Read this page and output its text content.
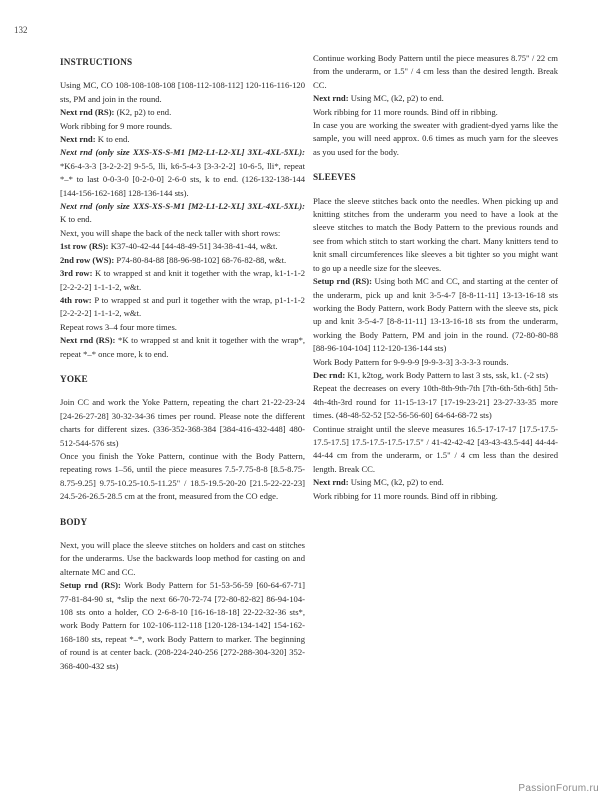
132
INSTRUCTIONS

Using MC, CO 108-108-108-108 [108-112-108-112] 120-116-116-120 sts, PM and join in the round.

Next rnd (RS): (K2, p2) to end.

Work ribbing for 9 more rounds.

Next rnd: K to end.

Next rnd (only size XXS-XS-S-M1 [M2-L1-L2-XL] 3XL-4XL-5XL): *K6-4-3-3 [3-2-2-2] 9-5-5, lli, k6-5-4-3 [3-3-2-2] 10-6-5, lli*, repeat *–* to last 0-0-3-0 [0-2-0-0] 2-6-0 sts, k to end. (126-132-138-144 [144-156-162-168] 128-136-144 sts).

Next rnd (only size XXS-XS-S-M1 [M2-L1-L2-XL] 3XL-4XL-5XL): K to end.

Next, you will shape the back of the neck taller with short rows:

1st row (RS): K37-40-42-44 [44-48-49-51] 34-38-41-44, w&t.

2nd row (WS): P74-80-84-88 [88-96-98-102] 68-76-82-88, w&t.

3rd row: K to wrapped st and knit it together with the wrap, k1-1-1-2 [2-2-2-2] 1-1-1-2, w&t.

4th row: P to wrapped st and purl it together with the wrap, p1-1-1-2 [2-2-2-2] 1-1-1-2, w&t.

Repeat rows 3–4 four more times.

Next rnd (RS): *K to wrapped st and knit it together with the wrap*, repeat *–* once more, k to end.

YOKE

Join CC and work the Yoke Pattern, repeating the chart 21-22-23-24 [24-26-27-28] 30-32-34-36 times per round. Please note the different charts for different sizes. (336-352-368-384 [384-416-432-448] 480-512-544-576 sts)

Once you finish the Yoke Pattern, continue with the Body Pattern, repeating rows 1–56, until the piece measures 7.5-7.75-8-8 [8.5-8.75-8.75-9.25] 9.75-10.25-10.5-11.25" / 18.5-19.5-20-20 [21.5-22-22-23] 24.5-26-26.5-28.5 cm at the front, measured from the CO edge.

BODY

Next, you will place the sleeve stitches on holders and cast on stitches for the underarms. Use the backwards loop method for casting on and alternate MC and CC.

Setup rnd (RS): Work Body Pattern for 51-53-56-59 [60-64-67-71] 77-81-84-90 st, *slip the next 66-70-72-74 [72-80-82-82] 86-94-104-108 sts onto a holder, CO 2-6-8-10 [16-16-18-18] 22-22-32-36 sts*, work Body Pattern for 102-106-112-118 [120-128-134-142] 154-162-168-180 sts, repeat *–*, work Body Pattern to marker. The beginning of round is at center back. (208-224-240-256 [272-288-304-320] 352-368-400-432 sts)

Continue working Body Pattern until the piece measures 8.75" / 22 cm from the underarm, or 1.5" / 4 cm less than the desired length. Break CC.

Next rnd: Using MC, (k2, p2) to end.

Work ribbing for 11 more rounds. Bind off in ribbing.

In case you are working the sweater with gradient-dyed yarns like the sample, you will need approx. 0.6 times as much yarn for the sleeves as you used for the body.

SLEEVES

Place the sleeve stitches back onto the needles. When picking up and knitting stitches from the underarm you need to have a look at the sleeve stitches to match the Body Pattern to the previous rounds and see from which stitch to start working the chart. Many knitters tend to knit small circumferences like sleeves a bit tighter so you might want to go up a needle size for the sleeves.

Setup rnd (RS): Using both MC and CC, and starting at the center of the underarm, pick up and knit 3-5-4-7 [8-8-11-11] 13-13-16-18 sts working the Body Pattern, work Body Pattern with the sleeve sts, pick up and knit 3-5-4-7 [8-8-11-11] 13-13-16-18 sts from the underarm, working the Body Pattern, PM and join in the round. (72-80-80-88 [88-96-104-104] 112-120-136-144 sts)

Work Body Pattern for 9-9-9-9 [9-9-3-3] 3-3-3-3 rounds.

Dec rnd: K1, k2tog, work Body Pattern to last 3 sts, ssk, k1. (-2 sts)

Repeat the decreases on every 10th-8th-9th-7th [7th-6th-5th-6th] 5th-4th-4th-3rd round for 11-15-13-17 [17-19-23-21] 23-27-33-35 more times. (48-48-52-52 [52-56-56-60] 64-64-68-72 sts)

Continue straight until the sleeve measures 16.5-17-17-17 [17.5-17.5-17.5-17.5] 17.5-17.5-17.5-17.5" / 41-42-42-42 [43-43-43.5-44] 44-44-44-44 cm from the underarm, or 1.5" / 4 cm less than the desired length. Break CC.

Next rnd: Using MC, (k2, p2) to end.

Work ribbing for 11 more rounds. Bind off in ribbing.

PassionForum.ru
